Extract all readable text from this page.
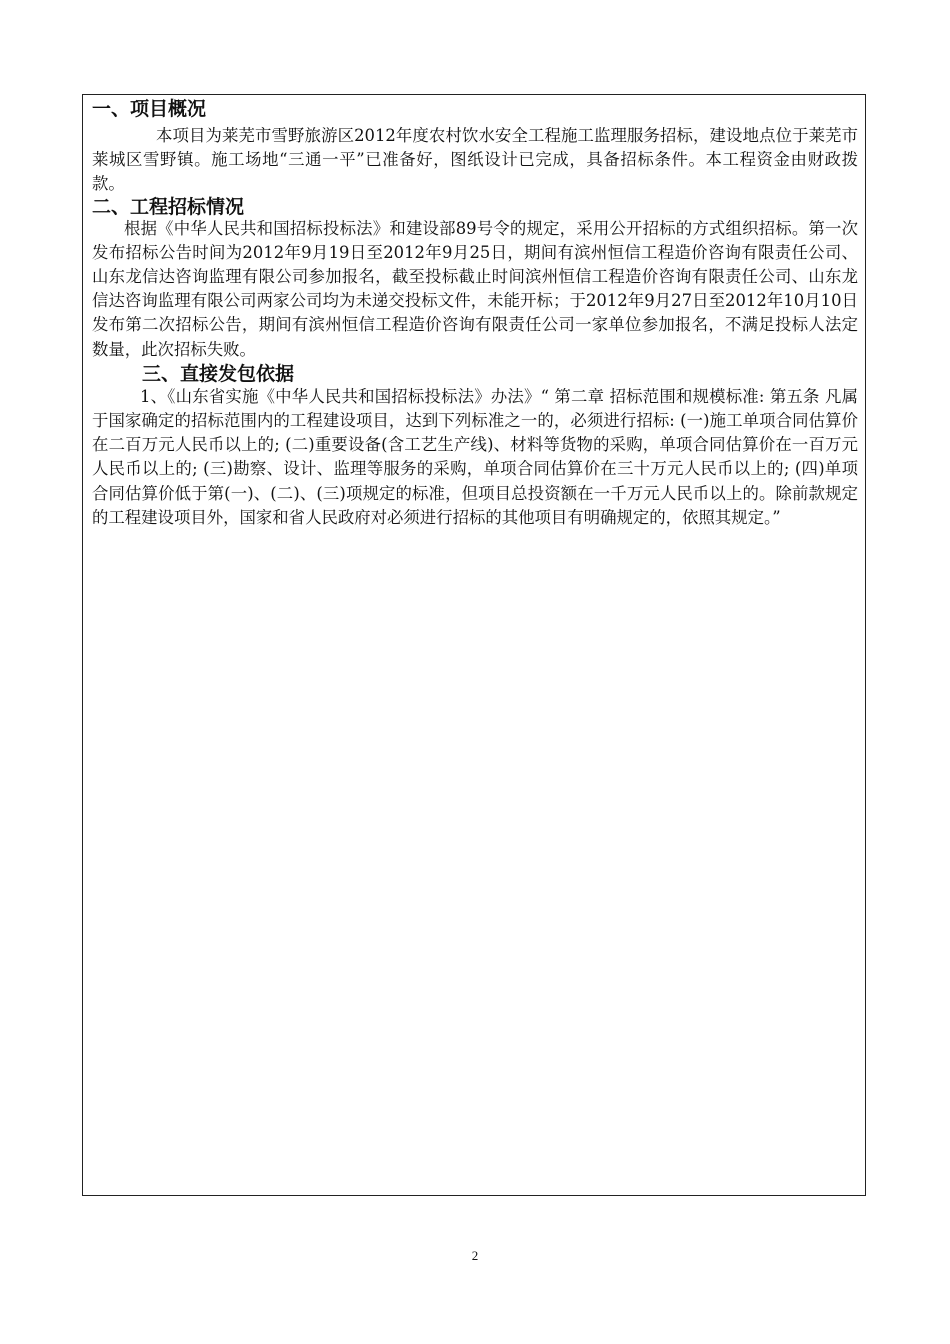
一、项目概况

本项目为莱芜市雪野旅游区2012年度农村饮水安全工程施工监理服务招标，建设地点位于莱芜市莱城区雪野镇。施工场地“三通一平”已准备好，图纸设计已完成，具备招标条件。本工程资金由财政拨款。

二、工程招标情况

根据《中华人民共和国招标投标法》和建设部89号令的规定，采用公开招标的方式组织招标。第一次发布招标公告时间为2012年9月19日至2012年9月25日，期间有滨州恒信工程造价咨询有限责任公司、山东龙信达咨询监理有限公司参加报名，截至投标截止时间滨州恒信工程造价咨询有限责任公司、山东龙信达咨询监理有限公司两家公司均为未递交投标文件，未能开标；于2012年9月27日至2012年10月10日发布第二次招标公告，期间有滨州恒信工程造价咨询有限责任公司一家单位参加报名，不满足投标人法定数量，此次招标失败。

三、直接发包依据

1、《山东省实施《中华人民共和国招标投标法》办法》“ 第二章 招标范围和规模标准: 第五条 凡属于国家确定的招标范围内的工程建设项目，达到下列标准之一的，必须进行招标: (一)施工单项合同估算价在二百万元人民币以上的; (二)重要设备(含工艺生产线)、材料等货物的采购，单项合同估算价在一百万元人民币以上的; (三)勘察、设计、监理等服务的采购，单项合同估算价在三十万元人民币以上的; (四)单项合同估算价低于第(一)、(二)、(三)项规定的标准，但项目总投资额在一千万元人民币以上的。除前款规定的工程建设项目外，国家和省人民政府对必须进行招标的其他项目有明确规定的，依照其规定。”

2
